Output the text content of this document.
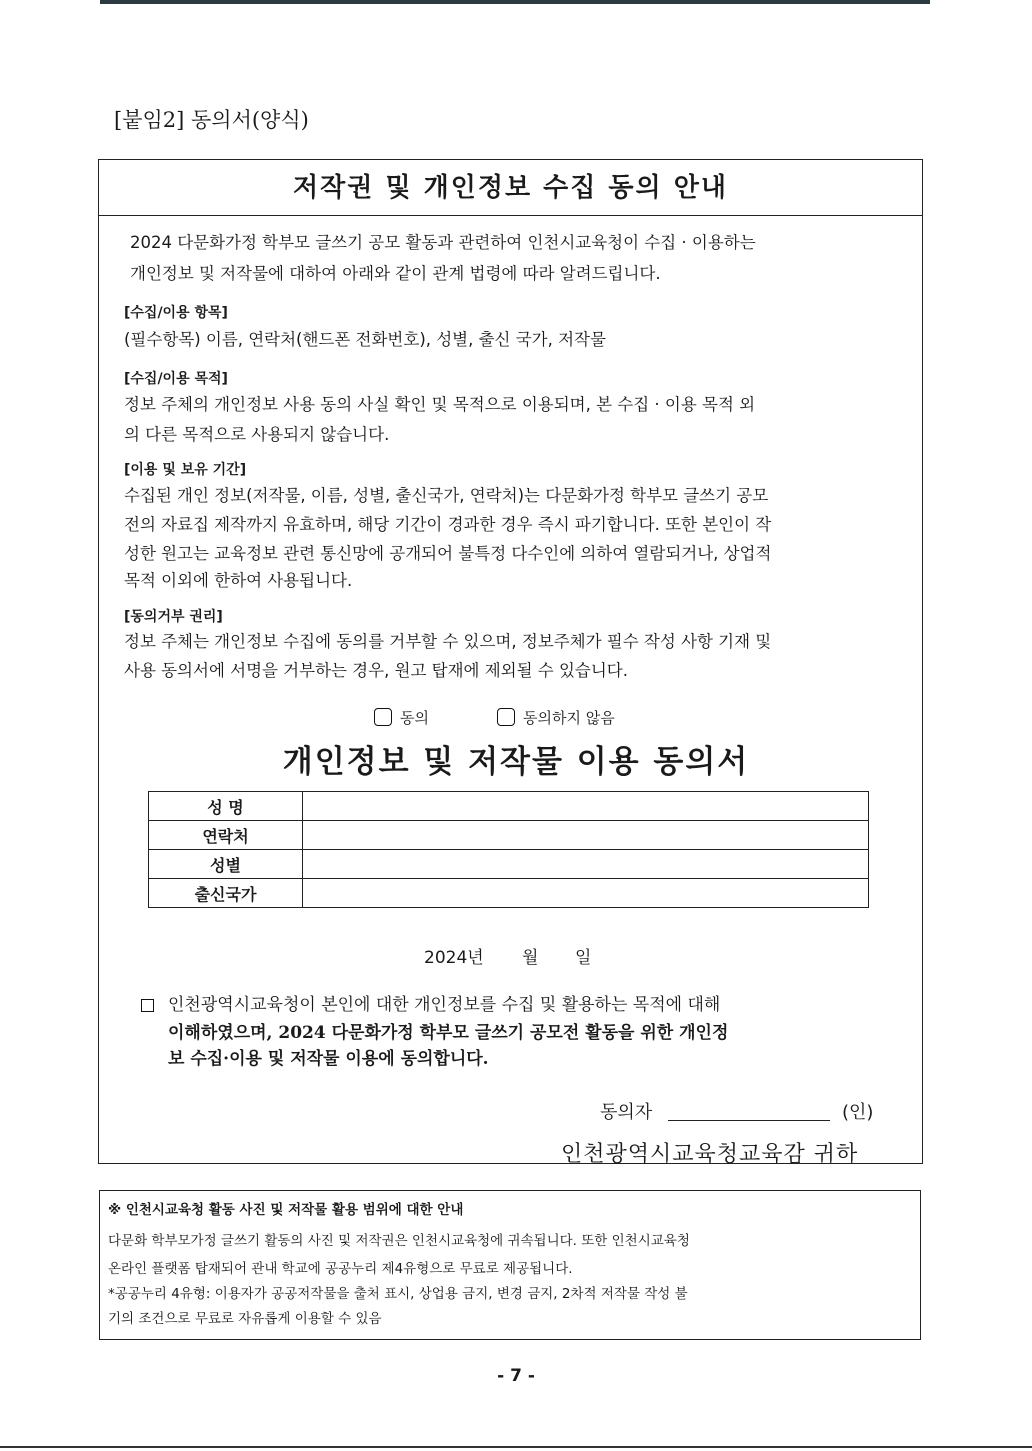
[붙임2] 동의서(양식)
저작권 및 개인정보 수집 동의 안내
2024 다문화가정 학부모 글쓰기 공모 활동과 관련하여 인천시교육청이 수집 · 이용하는
개인정보 및 저작물에 대하여 아래와 같이 관계 법령에 따라 알려드립니다.
[수집/이용 항목]
(필수항목) 이름, 연락처(핸드폰 전화번호), 성별, 출신 국가, 저작물
[수집/이용 목적]
정보 주체의 개인정보 사용 동의 사실 확인 및 목적으로 이용되며, 본 수집 · 이용 목적 외
의 다른 목적으로 사용되지 않습니다.
[이용 및 보유 기간]
수집된 개인 정보(저작물, 이름, 성별, 출신국가, 연락처)는 다문화가정 학부모 글쓰기 공모
전의 자료집 제작까지 유효하며, 해당 기간이 경과한 경우 즉시 파기합니다. 또한 본인이 작
성한 원고는 교육정보 관련 통신망에 공개되어 불특정 다수인에 의하여 열람되거나, 상업적
목적 이외에 한하여 사용됩니다.
[동의거부 권리]
정보 주체는 개인정보 수집에 동의를 거부할 수 있으며, 정보주체가 필수 작성 사항 기재 및
사용 동의서에 서명을 거부하는 경우, 원고 탑재에 제외될 수 있습니다.
동의	동의하지 않음
개인정보 및 저작물 이용 동의서
성 명	
연락처	
성별	
출신국가	
2024년 월 일
인천광역시교육청이 본인에 대한 개인정보를 수집 및 활용하는 목적에 대해
이해하였으며, 2024 다문화가정 학부모 글쓰기 공모전 활동을 위한 개인정
보 수집·이용 및 저작물 이용에 동의합니다.
동의자	(인)
인천광역시교육청교육감 귀하
※ 인천시교육청 활동 사진 및 저작물 활용 범위에 대한 안내
다문화 학부모가정 글쓰기 활동의 사진 및 저작권은 인천시교육청에 귀속됩니다. 또한 인천시교육청
온라인 플랫폼 탑재되어 관내 학교에 공공누리 제4유형으로 무료로 제공됩니다.
*공공누리 4유형: 이용자가 공공저작물을 출처 표시, 상업용 금지, 변경 금지, 2차적 저작물 작성 불
기의 조건으로 무료로 자유롭게 이용할 수 있음
- 7 -
